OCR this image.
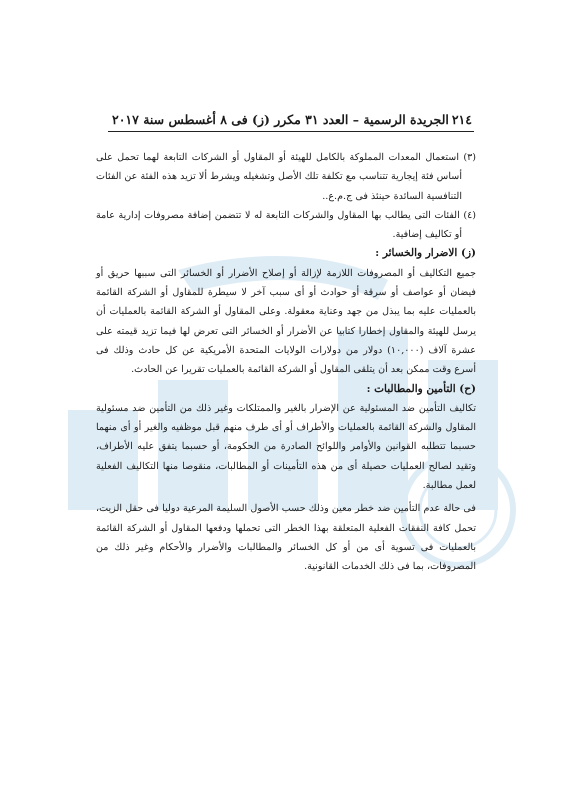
٢١٤
الجريدة الرسمية – العدد ٣١ مكرر (ز) فى ٨ أغسطس سنة ٢٠١٧

(٣) استعمال المعدات المملوكة بالكامل للهيئة أو المقاول أو الشركات التابعة لهما تحمل على أساس فئة إيجارية تتناسب مع تكلفة تلك الأصل وتشغيله ويشرط ألا تزيد هذه الفئة عن الفئات التنافسية السائدة حينئذ فى ج.م.ع..

(٤) الفئات التى يطالب بها المقاول والشركات التابعة له لا تتضمن إضافة مصروفات إدارية عامة أو تكاليف إضافية.

(ز) الاضرار والخسائر :

جميع التكاليف أو المصروفات اللازمة لإزالة أو إصلاح الأضرار أو الخسائر التى سببها حريق أو فيضان أو عواصف أو سرقة أو حوادث أو أى سبب آخر لا سيطرة للمقاول أو الشركة القائمة بالعمليات عليه بما يبذل من جهد وعناية معقولة. وعلى المقاول أو الشركة القائمة بالعمليات أن يرسل للهيئة والمقاول إخطارا كتابيا عن الأضرار أو الخسائر التى تعرض لها فيما تزيد قيمته على عشرة آلاف (١٠,٠٠٠) دولار من دولارات الولايات المتحدة الأمريكية عن كل حادث وذلك فى أسرع وقت ممكن بعد أن يتلقى المقاول أو الشركة القائمة بالعمليات تقريرا عن الحادث.

(ح) التأمين والمطالبات :

تكاليف التأمين ضد المسئولية عن الإضرار بالغير والممتلكات وغير ذلك من التأمين ضد مسئولية المقاول والشركة القائمة بالعمليات والأطراف أو أى طرف منهم قبل موظفيه والغير أو أى منهما حسبما تتطلبه القوانين والأوامر واللوائح الصادرة من الحكومة، أو حسبما يتفق عليه الأطراف، وتقيد لصالح العمليات حصيلة أى من هذه التأمينات أو المطالبات، منقوصا منها التكاليف الفعلية لعمل مطالبة.

فى حالة عدم التأمين ضد خطر معين وذلك حسب الأصول السليمة المرعية دوليا فى حقل الزيت، تحمل كافة النفقات الفعلية المتعلقة بهذا الخطر التى تحملها ودفعها المقاول أو الشركة القائمة بالعمليات فى تسوية أى من أو كل الخسائر والمطالبات والأضرار والأحكام وغير ذلك من المصروفات، بما فى ذلك الخدمات القانونية.
